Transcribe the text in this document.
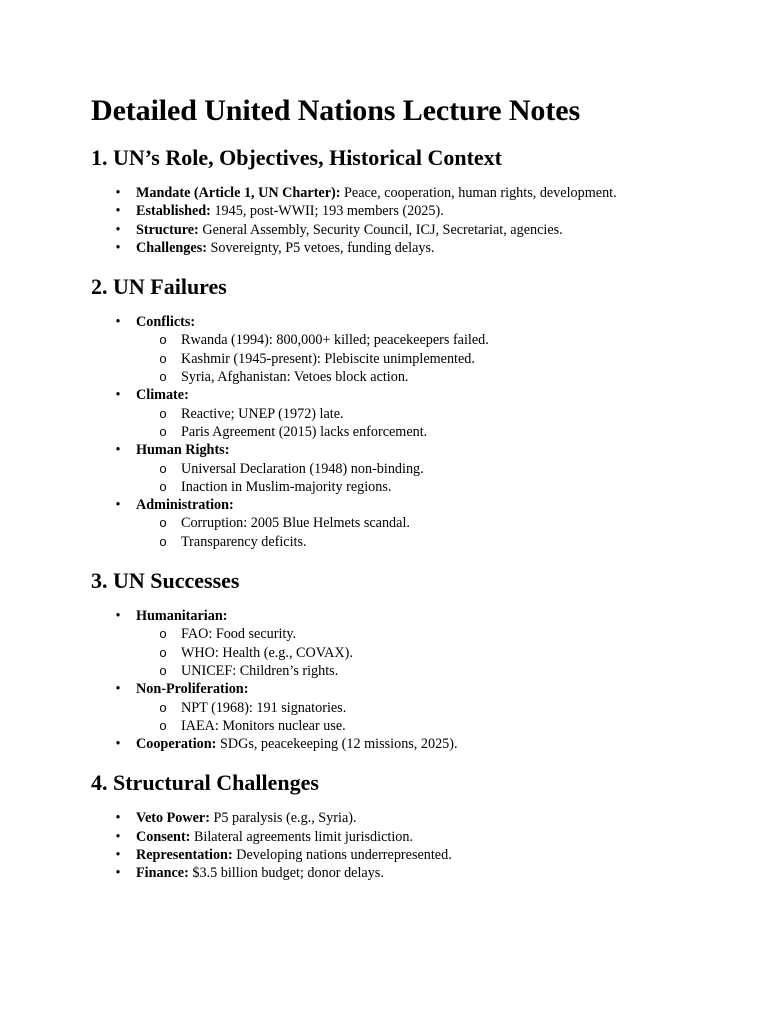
Detailed United Nations Lecture Notes
1. UN’s Role, Objectives, Historical Context
• Mandate (Article 1, UN Charter): Peace, cooperation, human rights, development.
• Established: 1945, post-WWII; 193 members (2025).
• Structure: General Assembly, Security Council, ICJ, Secretariat, agencies.
• Challenges: Sovereignty, P5 vetoes, funding delays.
2. UN Failures
• Conflicts:
o Rwanda (1994): 800,000+ killed; peacekeepers failed.
o Kashmir (1945-present): Plebiscite unimplemented.
o Syria, Afghanistan: Vetoes block action.
• Climate:
o Reactive; UNEP (1972) late.
o Paris Agreement (2015) lacks enforcement.
• Human Rights:
o Universal Declaration (1948) non-binding.
o Inaction in Muslim-majority regions.
• Administration:
o Corruption: 2005 Blue Helmets scandal.
o Transparency deficits.
3. UN Successes
• Humanitarian:
o FAO: Food security.
o WHO: Health (e.g., COVAX).
o UNICEF: Children’s rights.
• Non-Proliferation:
o NPT (1968): 191 signatories.
o IAEA: Monitors nuclear use.
• Cooperation: SDGs, peacekeeping (12 missions, 2025).
4. Structural Challenges
• Veto Power: P5 paralysis (e.g., Syria).
• Consent: Bilateral agreements limit jurisdiction.
• Representation: Developing nations underrepresented.
• Finance: $3.5 billion budget; donor delays.
